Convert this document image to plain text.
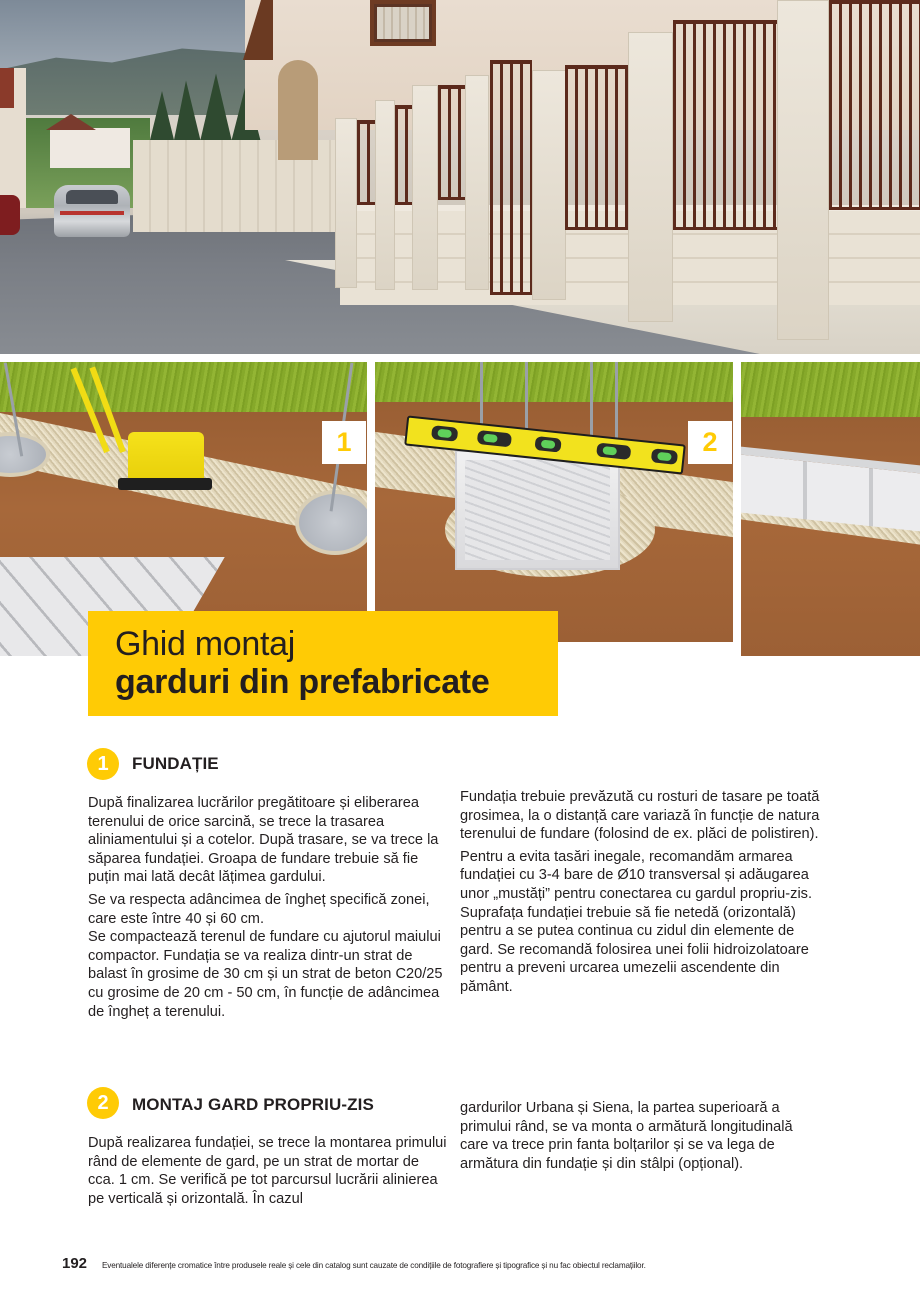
1	2
Ghid montaj
garduri din prefabricate
1	FUNDAȚIE

După finalizarea lucrărilor pregătitoare și eliberarea terenului de orice sarcină, se trece la trasarea aliniamentului și a cotelor. După trasare, se va trece la săparea fundației. Groapa de fundare trebuie să fie puțin mai lată decât lățimea gardului.

Se va respecta adâncimea de îngheț specifică zonei, care este între 40 și 60 cm.

Se compactează terenul de fundare cu ajutorul maiului compactor. Fundația se va realiza dintr-un strat de balast în grosime de 30 cm și un strat de beton C20/25 cu grosime de 20 cm - 50 cm, în funcție de adâncimea de îngheț a terenului.

Fundația trebuie prevăzută cu rosturi de tasare pe toată grosimea, la o distanță care variază în funcție de natura terenului de fundare (folosind de ex. plăci de polistiren).

Pentru a evita tasări inegale, recomandăm armarea fundației cu 3-4 bare de Ø10 transversal și adăugarea unor „mustăți” pentru conectarea cu gardul propriu-zis. Suprafața fundației trebuie să fie netedă (orizontală) pentru a se putea continua cu zidul din elemente de gard. Se recomandă folosirea unei folii hidroizolatoare pentru a preveni urcarea umezelii ascendente din pământ.

2	MONTAJ GARD PROPRIU-ZIS

După realizarea fundației, se trece la montarea primului rând de elemente de gard, pe un strat de mortar de cca. 1 cm. Se verifică pe tot parcursul lucrării alinierea pe verticală și orizontală. În cazul

gardurilor Urbana și Siena, la partea superioară a primului rând, se va monta o armătură longitudinală care va trece prin fanta bolțarilor și se va lega de armătura din fundație și din stâlpi (opțional).

192 Eventualele diferențe cromatice între produsele reale și cele din catalog sunt cauzate de condițiile de fotografiere și tipografice și nu fac obiectul reclamațiilor.
